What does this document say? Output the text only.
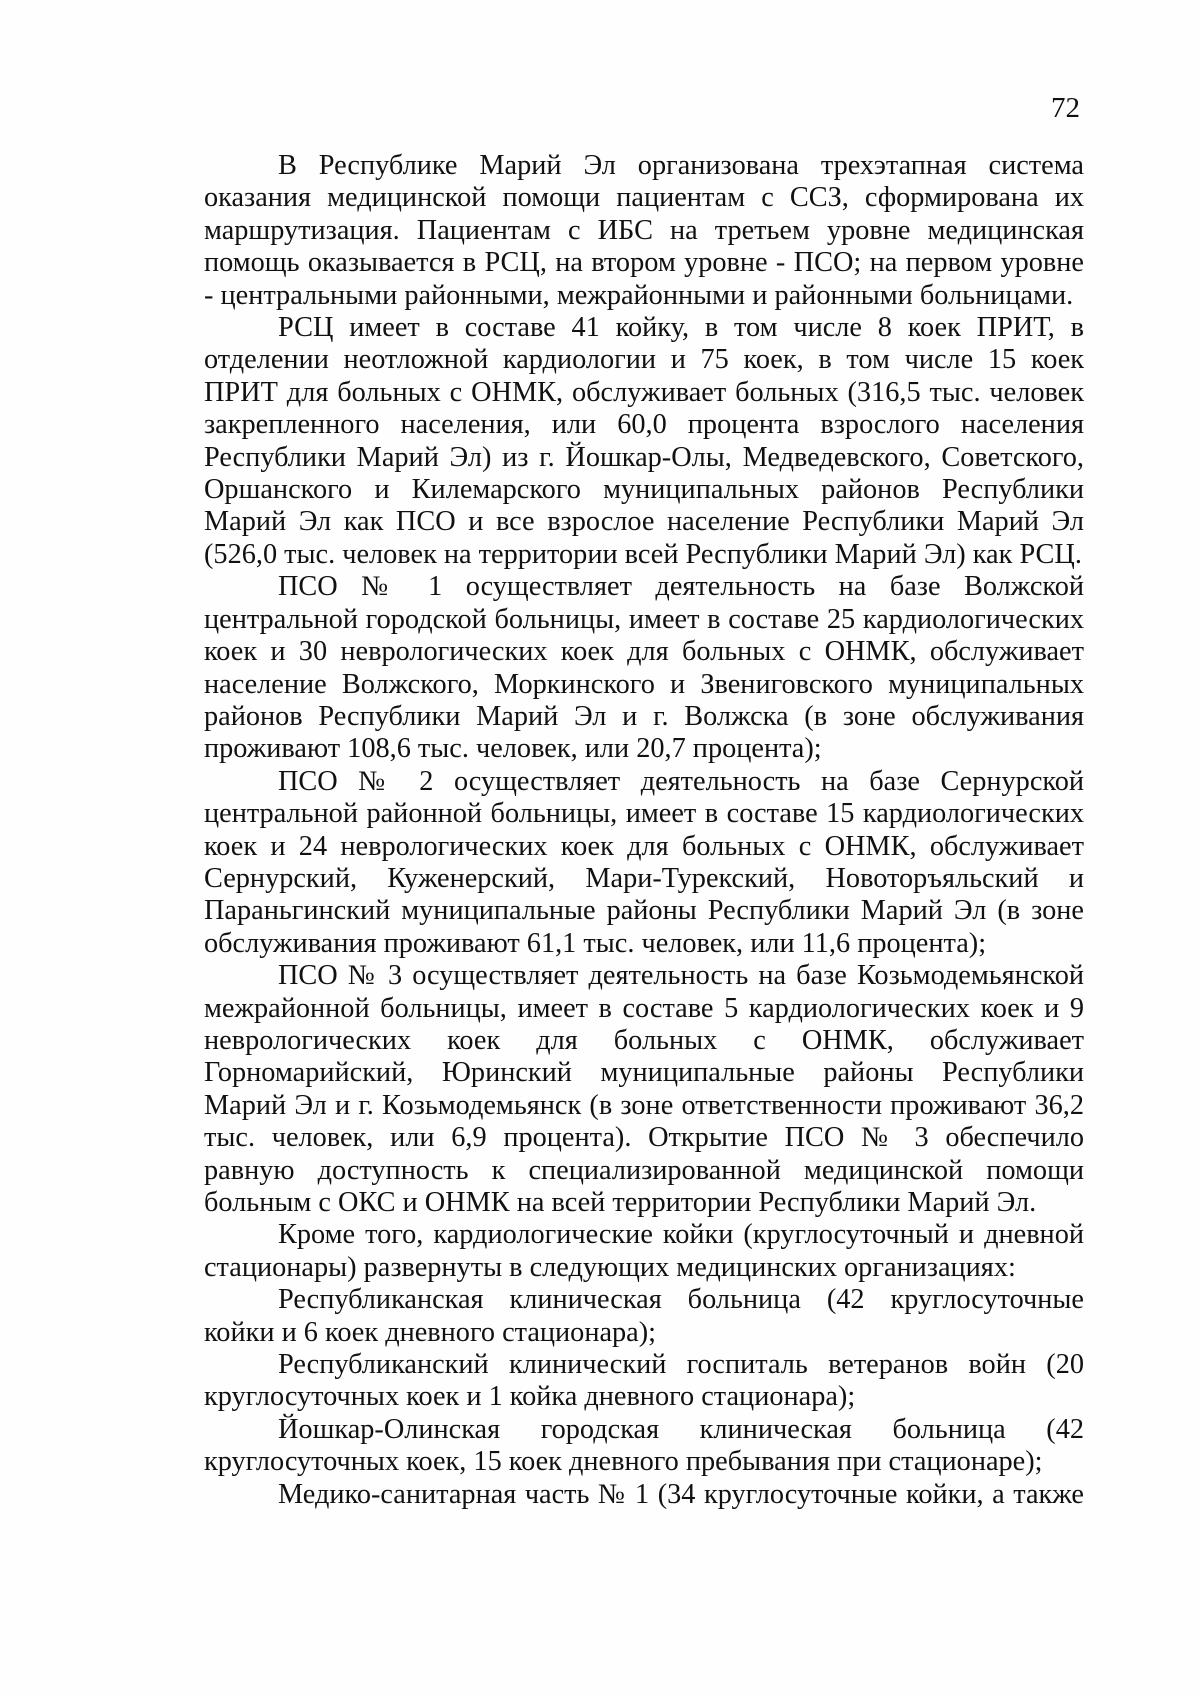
72

В Республике Марий Эл организована трехэтапная система оказания медицинской помощи пациентам с ССЗ, сформирована их маршрутизация. Пациентам с ИБС на третьем уровне медицинская помощь оказывается в РСЦ, на втором уровне - ПСО; на первом уровне - центральными районными, межрайонными и районными больницами.

РСЦ имеет в составе 41 койку, в том числе 8 коек ПРИТ, в отделении неотложной кардиологии и 75 коек, в том числе 15 коек ПРИТ для больных с ОНМК, обслуживает больных (316,5 тыс. человек закрепленного населения, или 60,0 процента взрослого населения Республики Марий Эл) из г. Йошкар-Олы, Медведевского, Советского, Оршанского и Килемарского муниципальных районов Республики Марий Эл как ПСО и все взрослое население Республики Марий Эл (526,0 тыс. человек на территории всей Республики Марий Эл) как РСЦ.

ПСО № 1 осуществляет деятельность на базе Волжской центральной городской больницы, имеет в составе 25 кардиологических коек и 30 неврологических коек для больных с ОНМК, обслуживает население Волжского, Моркинского и Звениговского муниципальных районов Республики Марий Эл и г. Волжска (в зоне обслуживания проживают 108,6 тыс. человек, или 20,7 процента);

ПСО № 2 осуществляет деятельность на базе Сернурской центральной районной больницы, имеет в составе 15 кардиологических коек и 24 неврологических коек для больных с ОНМК, обслуживает Сернурский, Куженерский, Мари-Турекский, Новоторъяльский и Параньгинский муниципальные районы Республики Марий Эл (в зоне обслуживания проживают 61,1 тыс. человек, или 11,6 процента);

ПСО № 3 осуществляет деятельность на базе Козьмодемьянской межрайонной больницы, имеет в составе 5 кардиологических коек и 9 неврологических коек для больных с ОНМК, обслуживает Горномарийский, Юринский муниципальные районы Республики Марий Эл и г. Козьмодемьянск (в зоне ответственности проживают 36,2 тыс. человек, или 6,9 процента). Открытие ПСО № 3 обеспечило равную доступность к специализированной медицинской помощи больным с ОКС и ОНМК на всей территории Республики Марий Эл.

Кроме того, кардиологические койки (круглосуточный и дневной стационары) развернуты в следующих медицинских организациях:

Республиканская клиническая больница (42 круглосуточные койки и 6 коек дневного стационара);

Республиканский клинический госпиталь ветеранов войн (20 круглосуточных коек и 1 койка дневного стационара);

Йошкар-Олинская городская клиническая больница (42 круглосуточных коек, 15 коек дневного пребывания при стационаре);

Медико-санитарная часть № 1 (34 круглосуточные койки, а также
